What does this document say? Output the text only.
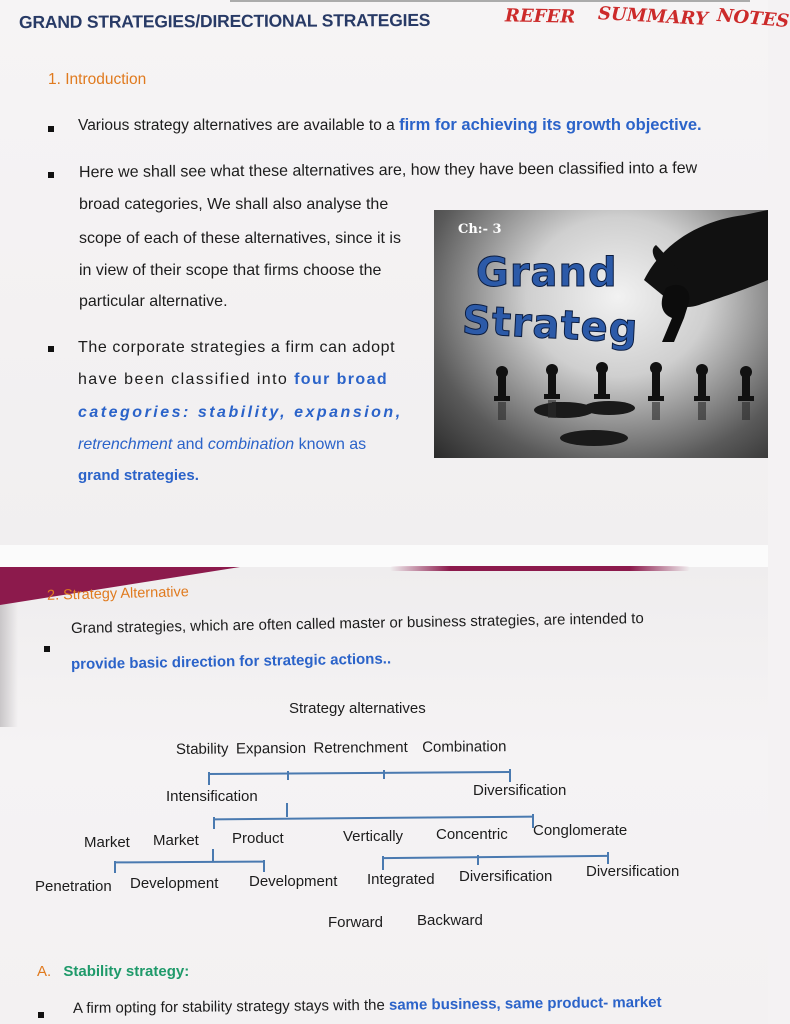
GRAND STRATEGIES/DIRECTIONAL STRATEGIES	REFER SUMMARY NOTES
1. Introduction
Various strategy alternatives are available to a firm for achieving its growth objective.
Here we shall see what these alternatives are, how they have been classified into a few
broad categories, We shall also analyse the
scope of each of these alternatives, since it is
in view of their scope that firms choose the
particular alternative.
The corporate strategies a firm can adopt
have been classified into four broad
categories: stability, expansion,
retrenchment and combination known as
grand strategies.
Ch:- 3
Grand
Strateg
2. Strategy Alternative
Grand strategies, which are often called master or business strategies, are intended to
provide basic direction for strategic actions..
Strategy alternatives
Stability Expansion Retrenchment Combination
Intensification	Diversification
Market Market Product	Vertically Concentric Conglomerate
Penetration Development Development Integrated Diversification Diversification
Forward Backward
A. Stability strategy:
A firm opting for stability strategy stays with the same business, same product- market
